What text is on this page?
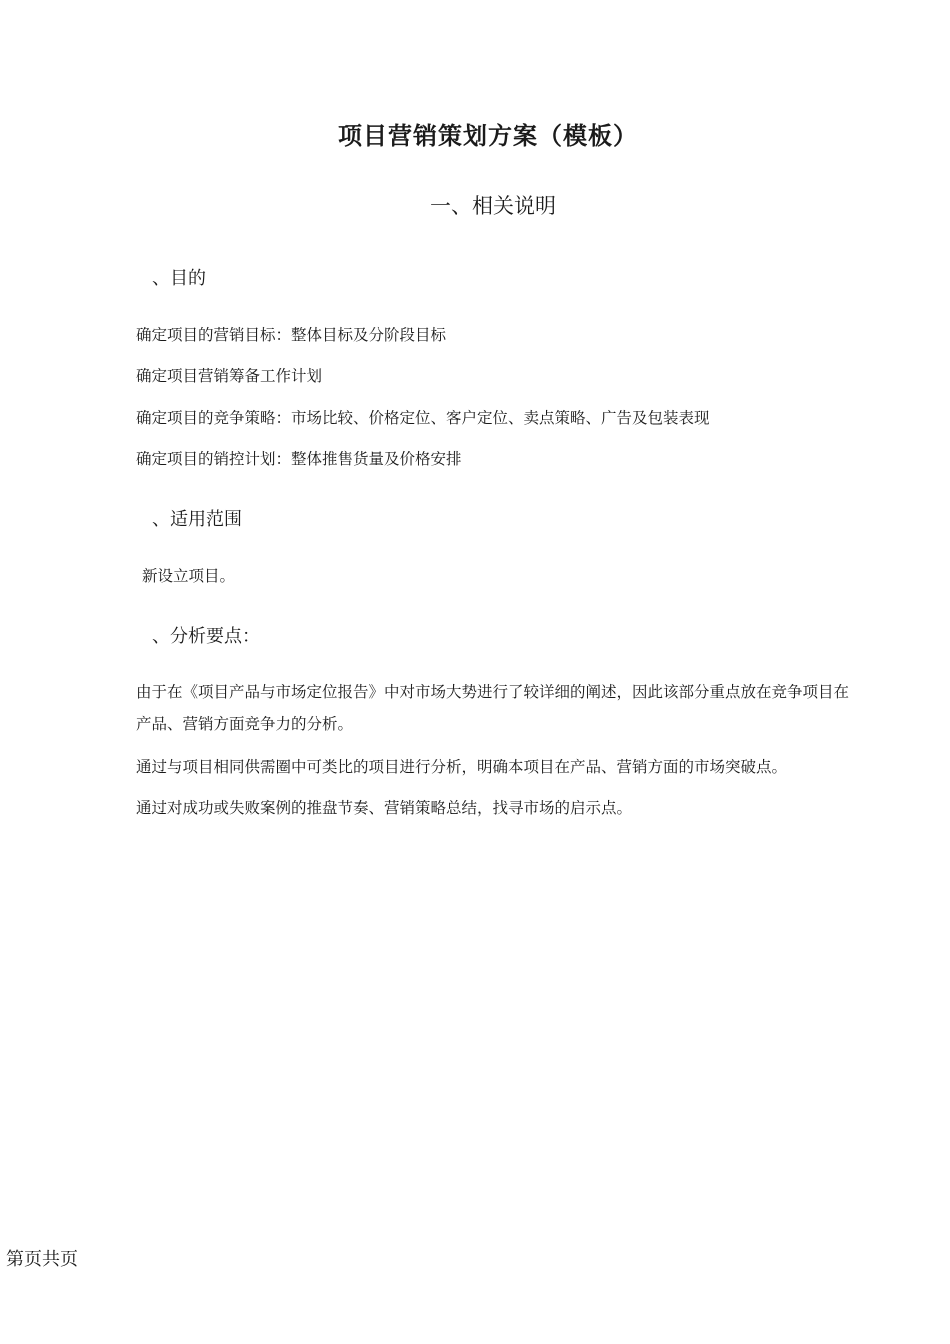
项目营销策划方案（模板）
一、相关说明
、目的

确定项目的营销目标：整体目标及分阶段目标

确定项目营销筹备工作计划

确定项目的竞争策略：市场比较、价格定位、客户定位、卖点策略、广告及包装表现

确定项目的销控计划：整体推售货量及价格安排

、适用范围

新设立项目。

、分析要点：

由于在《项目产品与市场定位报告》中对市场大势进行了较详细的阐述，因此该部分重点放在竞争项目在产品、营销方面竞争力的分析。

通过与项目相同供需圈中可类比的项目进行分析，明确本项目在产品、营销方面的市场突破点。

通过对成功或失败案例的推盘节奏、营销策略总结，找寻市场的启示点。

第页共页
